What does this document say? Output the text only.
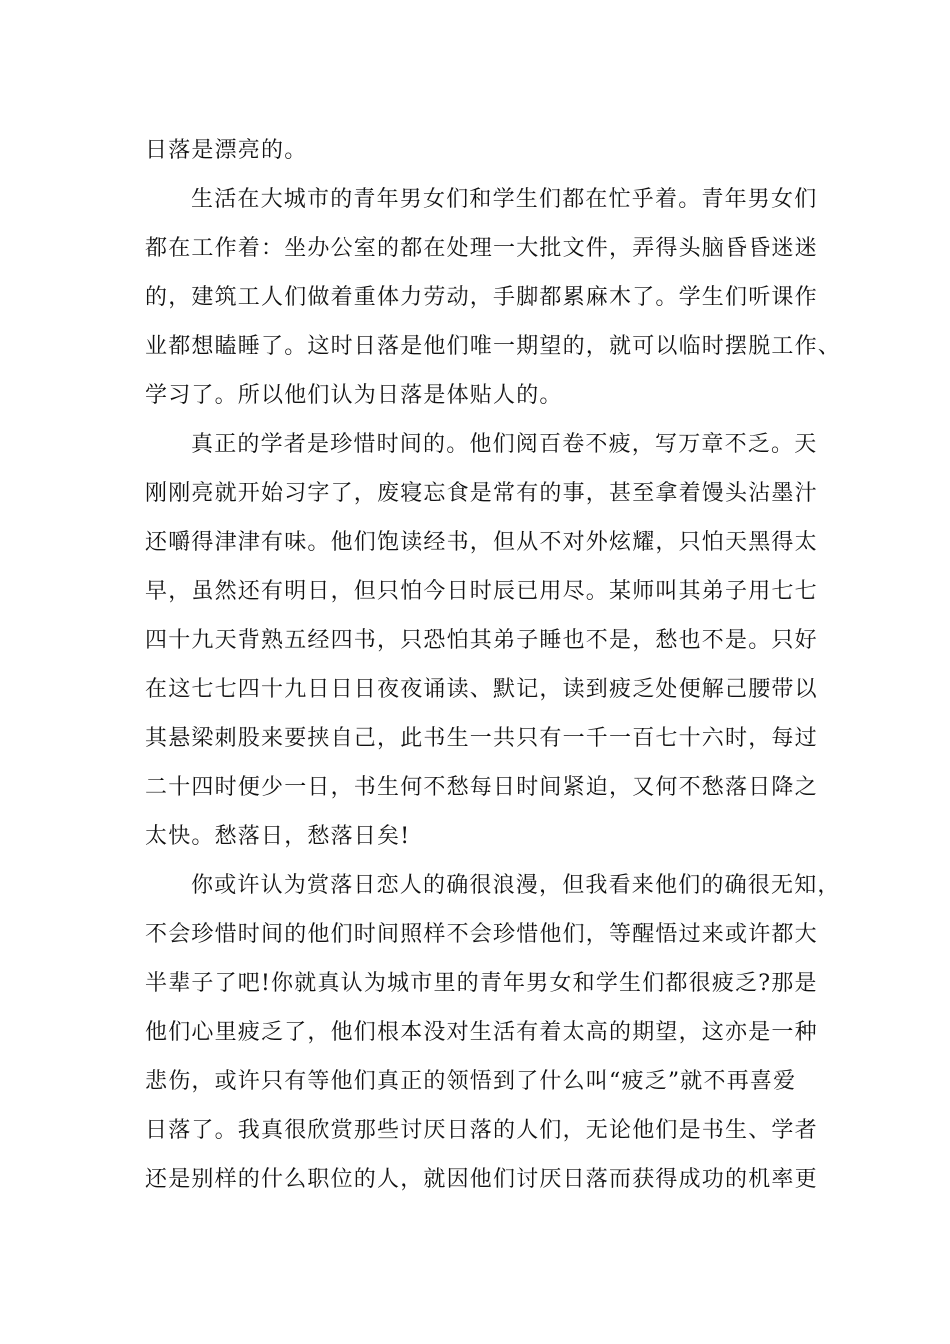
日落是漂亮的。
生活在大城市的青年男女们和学生们都在忙乎着。青年男女们
都在工作着：坐办公室的都在处理一大批文件，弄得头脑昏昏迷迷
的，建筑工人们做着重体力劳动，手脚都累麻木了。学生们听课作
业都想瞌睡了。这时日落是他们唯一期望的，就可以临时摆脱工作、
学习了。所以他们认为日落是体贴人的。
真正的学者是珍惜时间的。他们阅百卷不疲，写万章不乏。天
刚刚亮就开始习字了，废寝忘食是常有的事，甚至拿着馒头沾墨汁
还嚼得津津有味。他们饱读经书，但从不对外炫耀，只怕天黑得太
早，虽然还有明日，但只怕今日时辰已用尽。某师叫其弟子用七七
四十九天背熟五经四书，只恐怕其弟子睡也不是，愁也不是。只好
在这七七四十九日日日夜夜诵读、默记，读到疲乏处便解己腰带以
其悬梁刺股来要挟自己，此书生一共只有一千一百七十六时，每过
二十四时便少一日，书生何不愁每日时间紧迫，又何不愁落日降之
太快。愁落日，愁落日矣!
你或许认为赏落日恋人的确很浪漫，但我看来他们的确很无知，
不会珍惜时间的他们时间照样不会珍惜他们，等醒悟过来或许都大
半辈子了吧!你就真认为城市里的青年男女和学生们都很疲乏?那是
他们心里疲乏了，他们根本没对生活有着太高的期望，这亦是一种
悲伤，或许只有等他们真正的领悟到了什么叫“疲乏”就不再喜爱
日落了。我真很欣赏那些讨厌日落的人们，无论他们是书生、学者
还是别样的什么职位的人，就因他们讨厌日落而获得成功的机率更
